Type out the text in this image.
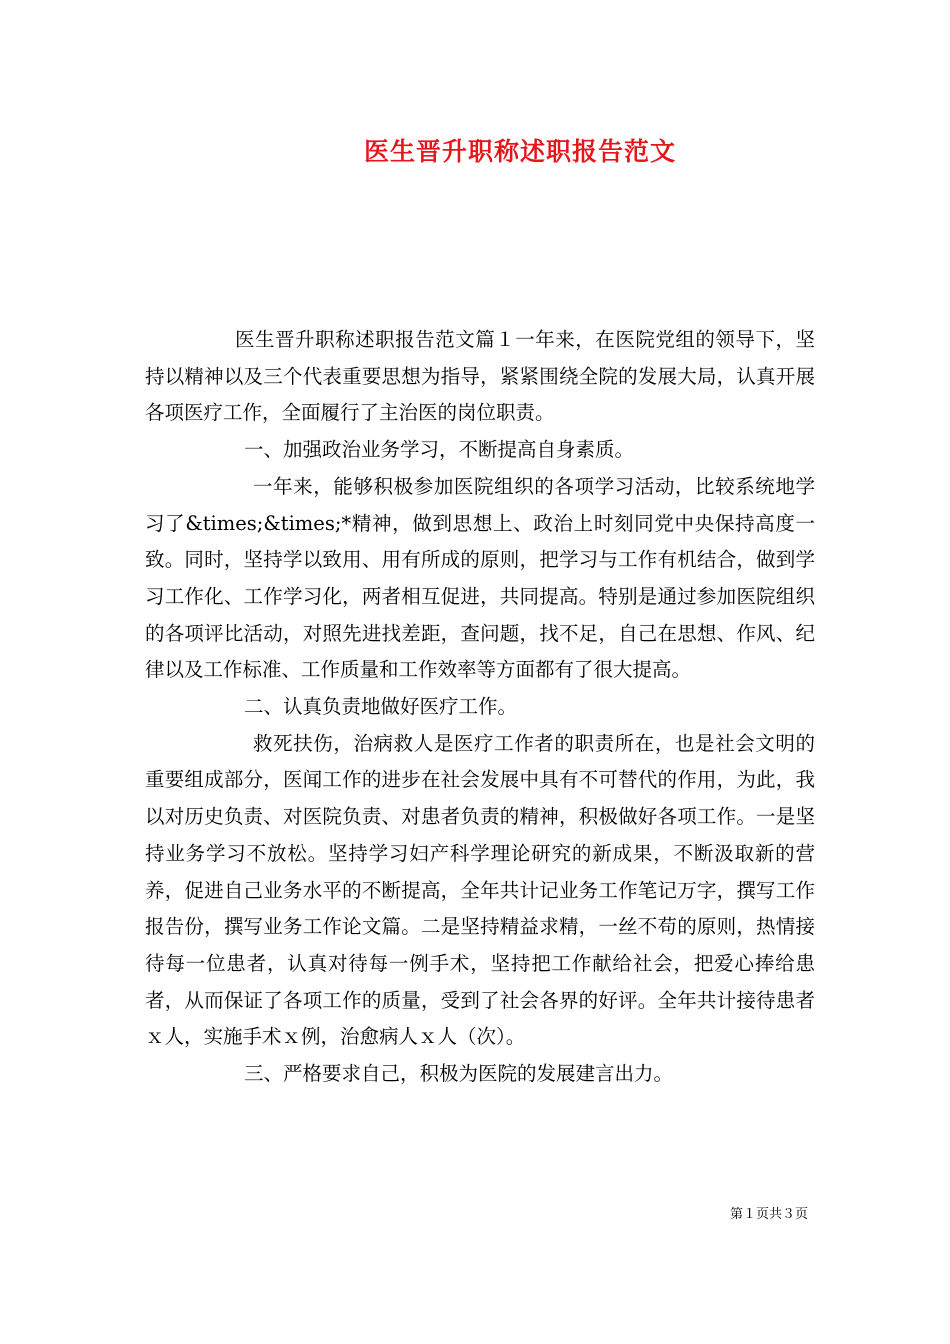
医生晋升职称述职报告范文

医生晋升职称述职报告范文篇１一年来，在医院党组的领导下，坚持以精神以及三个代表重要思想为指导，紧紧围绕全院的发展大局，认真开展各项医疗工作，全面履行了主治医的岗位职责。

一、加强政治业务学习，不断提高自身素质。

一年来，能够积极参加医院组织的各项学习活动，比较系统地学习了&times;&times;*精神，做到思想上、政治上时刻同党中央保持高度一致。同时，坚持学以致用、用有所成的原则，把学习与工作有机结合，做到学习工作化、工作学习化，两者相互促进，共同提高。特别是通过参加医院组织的各项评比活动，对照先进找差距，查问题，找不足，自己在思想、作风、纪律以及工作标准、工作质量和工作效率等方面都有了很大提高。

二、认真负责地做好医疗工作。

救死扶伤，治病救人是医疗工作者的职责所在，也是社会文明的重要组成部分，医闻工作的进步在社会发展中具有不可替代的作用，为此，我以对历史负责、对医院负责、对患者负责的精神，积极做好各项工作。一是坚持业务学习不放松。坚持学习妇产科学理论研究的新成果，不断汲取新的营养，促进自己业务水平的不断提高，全年共计记业务工作笔记万字，撰写工作报告份，撰写业务工作论文篇。二是坚持精益求精，一丝不苟的原则，热情接待每一位患者，认真对待每一例手术，坚持把工作献给社会，把爱心捧给患者，从而保证了各项工作的质量，受到了社会各界的好评。全年共计接待患者ｘ人，实施手术ｘ例，治愈病人ｘ人（次）。

三、严格要求自己，积极为医院的发展建言出力。

第１页共３页
